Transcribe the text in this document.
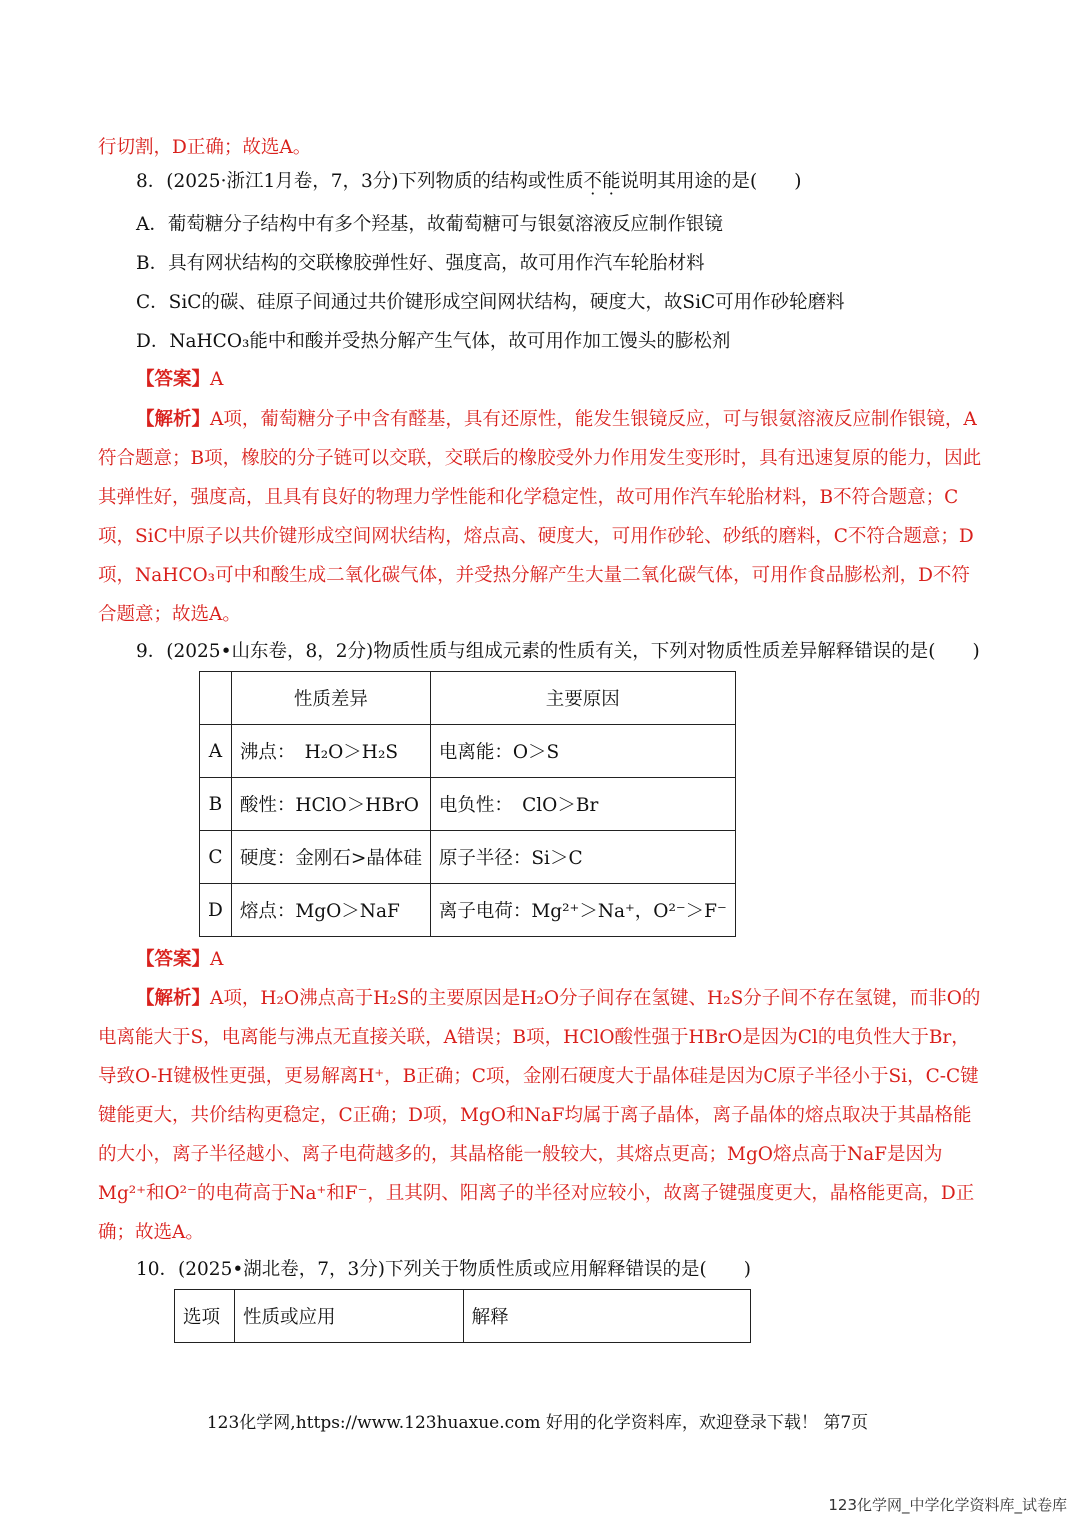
行切割，D正确；故选A。
8．(2025·浙江1月卷，7，3分)下列物质的结构或性质不能说明其用途的是(　　)
A．葡萄糖分子结构中有多个羟基，故葡萄糖可与银氨溶液反应制作银镜
B．具有网状结构的交联橡胶弹性好、强度高，故可用作汽车轮胎材料
C．SiC的碳、硅原子间通过共价键形成空间网状结构，硬度大，故SiC可用作砂轮磨料
D．NaHCO₃能中和酸并受热分解产生气体，故可用作加工馒头的膨松剂
【答案】A
【解析】A项，葡萄糖分子中含有醛基，具有还原性，能发生银镜反应，可与银氨溶液反应制作银镜，A符合题意；B项，橡胶的分子链可以交联，交联后的橡胶受外力作用发生变形时，具有迅速复原的能力，因此其弹性好，强度高，且具有良好的物理力学性能和化学稳定性，故可用作汽车轮胎材料，B不符合题意；C项，SiC中原子以共价键形成空间网状结构，熔点高、硬度大，可用作砂轮、砂纸的磨料，C不符合题意；D项，NaHCO₃可中和酸生成二氧化碳气体，并受热分解产生大量二氧化碳气体，可用作食品膨松剂，D不符合题意；故选A。
9．(2025•山东卷，8，2分)物质性质与组成元素的性质有关，下列对物质性质差异解释错误的是(　　)
	性质差异	主要原因
A	沸点：　H₂O＞H₂S	电离能：O＞S
B	酸性：HClO＞HBrO	电负性：　ClO＞Br
C	硬度：金刚石>晶体硅	原子半径：Si＞C
D	熔点：MgO＞NaF	离子电荷：Mg²⁺＞Na⁺，O²⁻＞F⁻
【答案】A
【解析】A项，H₂O沸点高于H₂S的主要原因是H₂O分子间存在氢键、H₂S分子间不存在氢键，而非O的电离能大于S，电离能与沸点无直接关联，A错误；B项，HClO酸性强于HBrO是因为Cl的电负性大于Br，导致O-H键极性更强，更易解离H⁺，B正确；C项，金刚石硬度大于晶体硅是因为C原子半径小于Si，C-C键键能更大，共价结构更稳定，C正确；D项，MgO和NaF均属于离子晶体，离子晶体的熔点取决于其晶格能的大小，离子半径越小、离子电荷越多的，其晶格能一般较大，其熔点更高；MgO熔点高于NaF是因为Mg²⁺和O²⁻的电荷高于Na⁺和F⁻，且其阴、阳离子的半径对应较小，故离子键强度更大，晶格能更高，D正确；故选A。
10．(2025•湖北卷，7，3分)下列关于物质性质或应用解释错误的是(　　)
选项	性质或应用	解释
123化学网,https://www.123huaxue.com 好用的化学资料库，欢迎登录下载！ 第7页
123化学网_中学化学资料库_试卷库
